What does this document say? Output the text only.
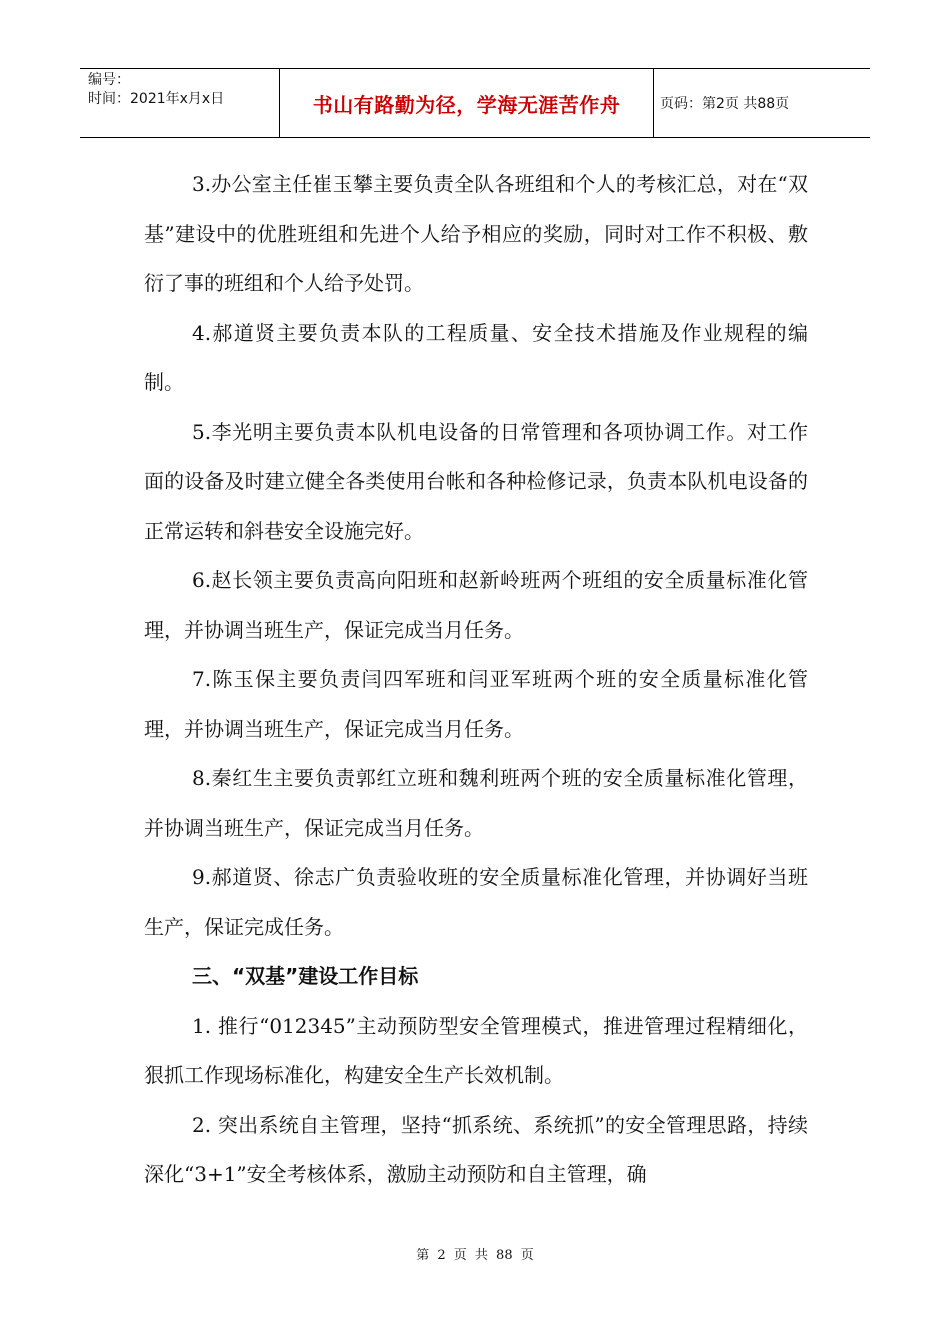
编号：
时间：2021年x月x日	书山有路勤为径，学海无涯苦作舟	页码：第2页 共88页

3.办公室主任崔玉攀主要负责全队各班组和个人的考核汇总，对在“双基”建设中的优胜班组和先进个人给予相应的奖励，同时对工作不积极、敷衍了事的班组和个人给予处罚。

4.郝道贤主要负责本队的工程质量、安全技术措施及作业规程的编制。

5.李光明主要负责本队机电设备的日常管理和各项协调工作。对工作面的设备及时建立健全各类使用台帐和各种检修记录，负责本队机电设备的正常运转和斜巷安全设施完好。

6.赵长领主要负责高向阳班和赵新岭班两个班组的安全质量标准化管理，并协调当班生产，保证完成当月任务。

7.陈玉保主要负责闫四军班和闫亚军班两个班的安全质量标准化管理，并协调当班生产，保证完成当月任务。

8.秦红生主要负责郭红立班和魏利班两个班的安全质量标准化管理，并协调当班生产，保证完成当月任务。

9.郝道贤、徐志广负责验收班的安全质量标准化管理，并协调好当班生产，保证完成任务。

三、“双基”建设工作目标

1. 推行“012345”主动预防型安全管理模式，推进管理过程精细化，狠抓工作现场标准化，构建安全生产长效机制。

2. 突出系统自主管理，坚持“抓系统、系统抓”的安全管理思路，持续深化“3+1”安全考核体系，激励主动预防和自主管理，确

第 2 页 共 88 页
